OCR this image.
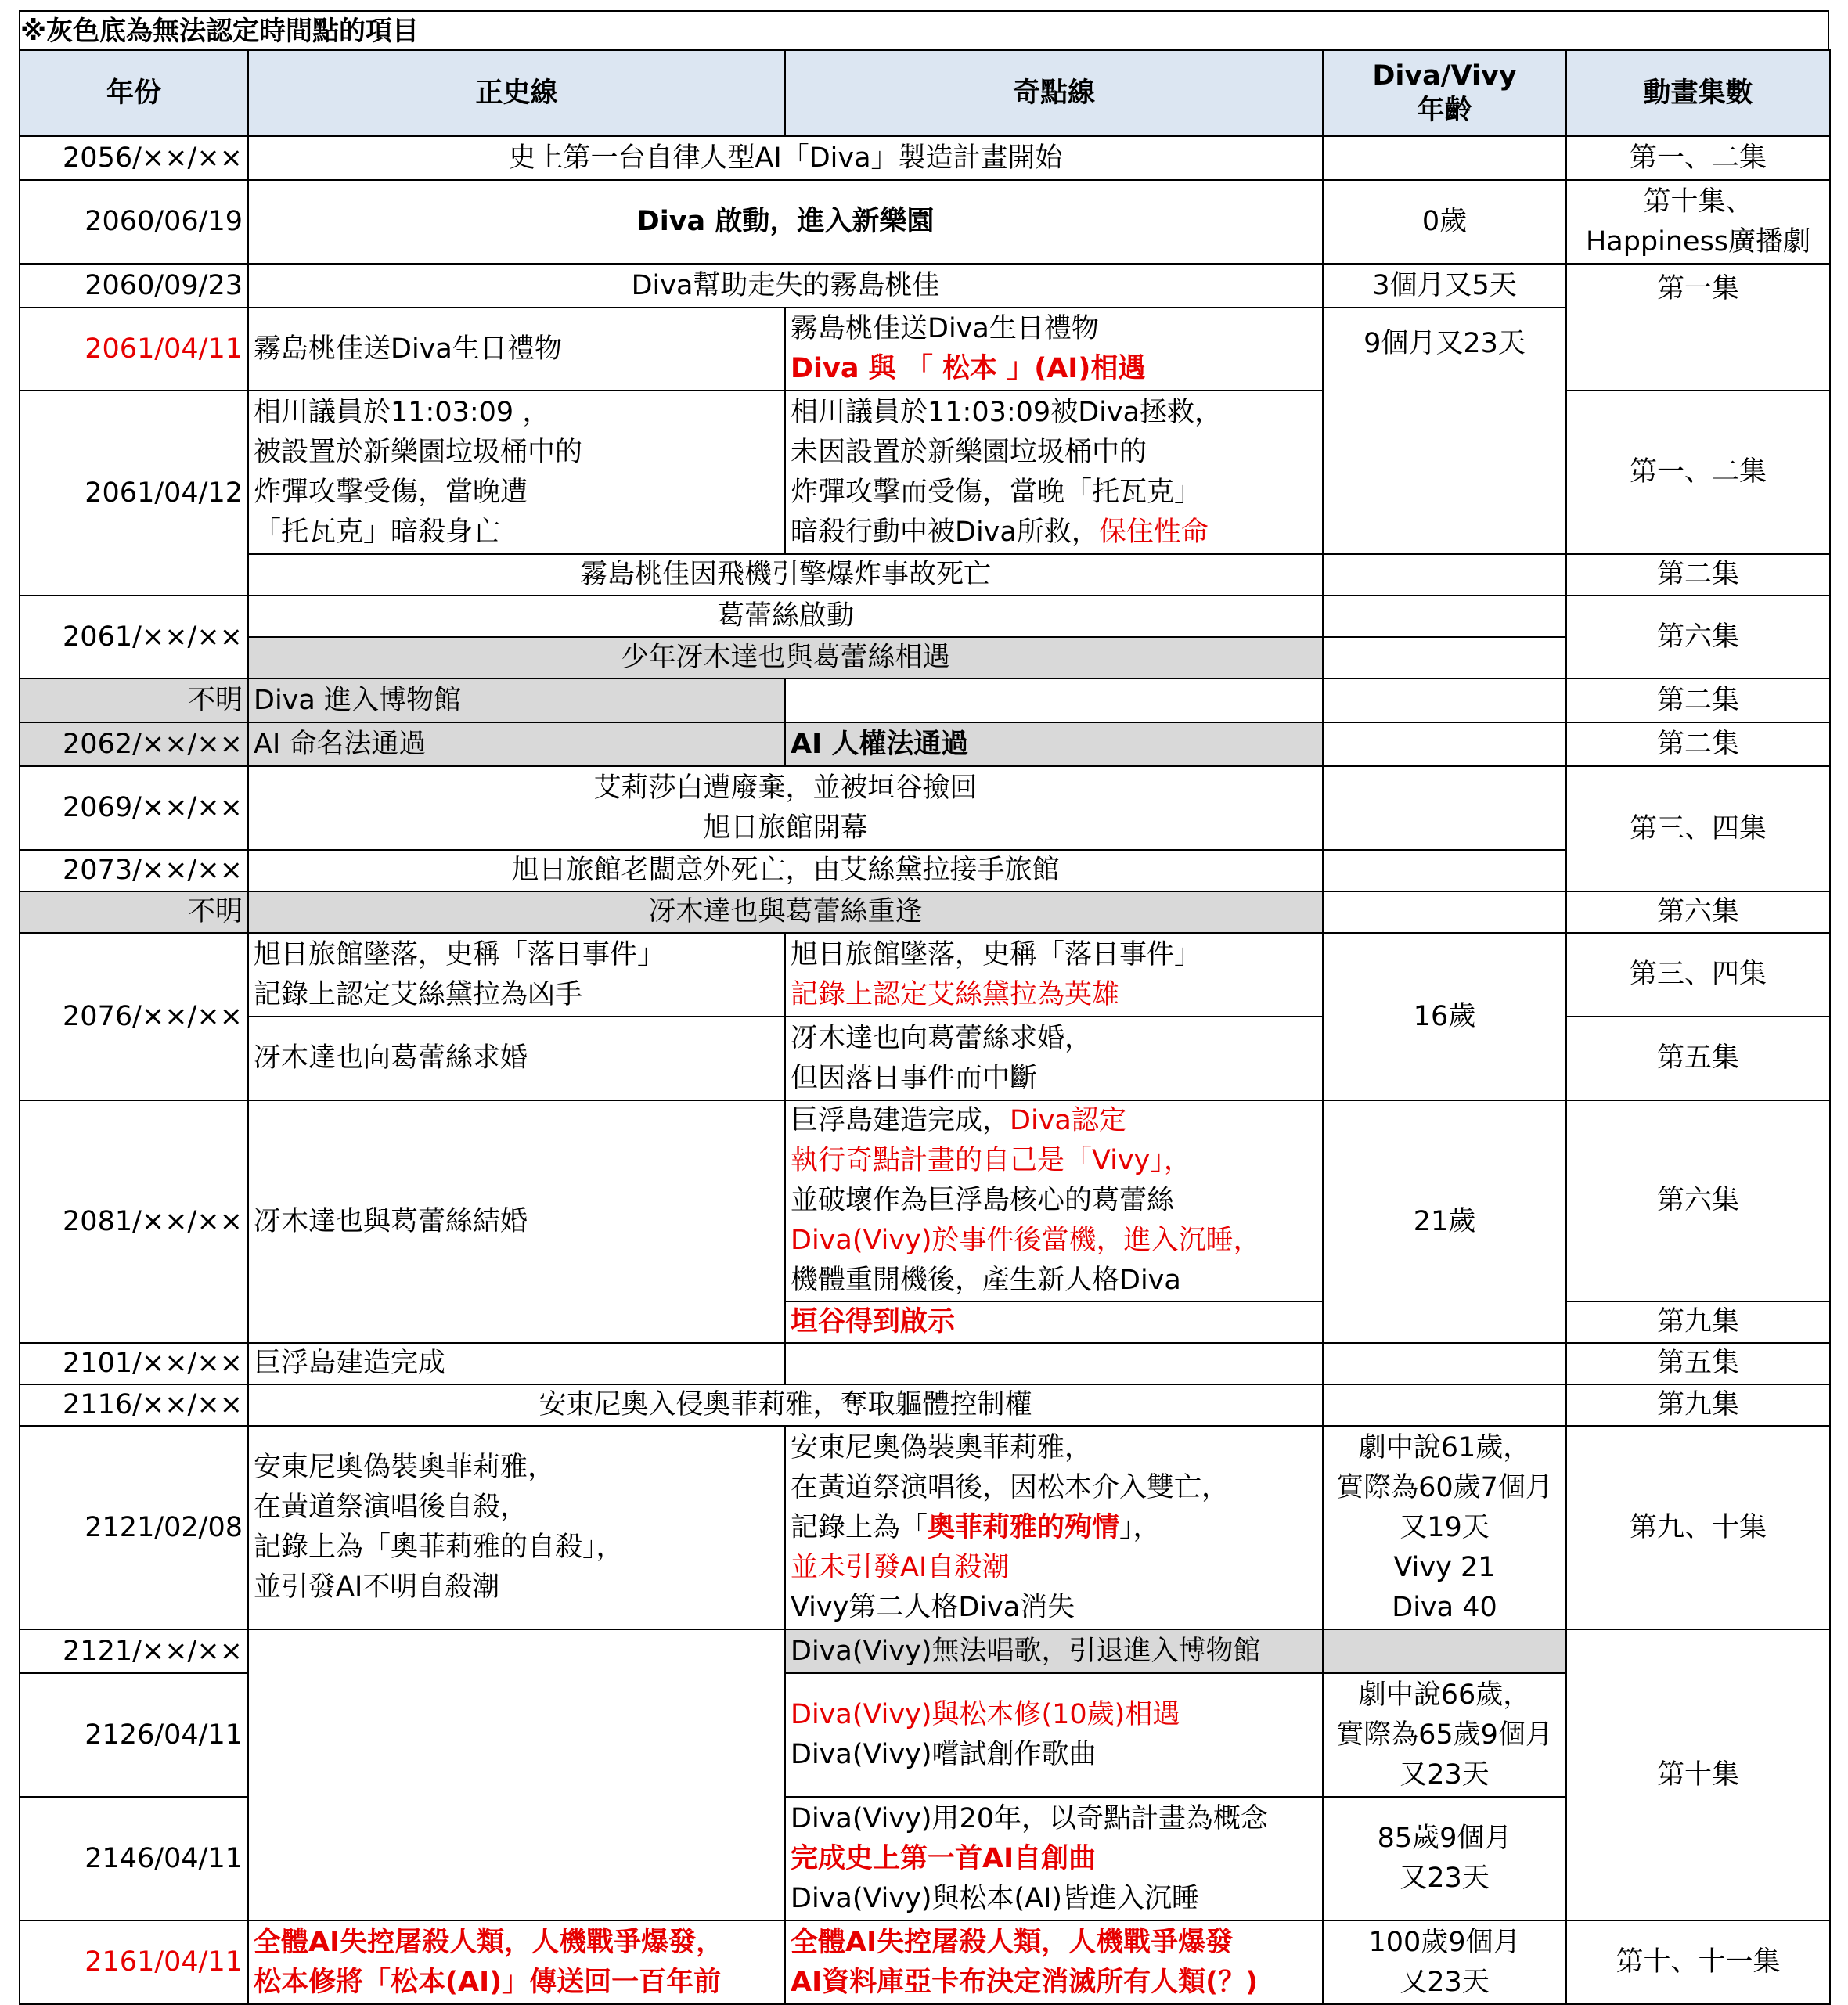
※灰色底為無法認定時間點的項目
年份	正史線	奇點線	Diva/Vivy
年齡	動畫集數
2056/××/××	史上第一台自律人型AI「Diva」製造計畫開始			第一、二集
2060/06/19	Diva 啟動，進入新樂園		0歲	第十集、
Happiness廣播劇

2060/09/23	Diva幫助走失的霧島桃佳		3個月又5天	第一集
2061/04/11	霧島桃佳送Diva生日禮物	霧島桃佳送Diva生日禮物
Diva 與 「 松本 」(AI)相遇	9個月又23天	
2061/04/12	相川議員於11:03:09 ，
被設置於新樂園垃圾桶中的
炸彈攻擊受傷，當晚遭
「托瓦克」暗殺身亡	相川議員於11:03:09被Diva拯救，
未因設置於新樂園垃圾桶中的
炸彈攻擊而受傷，當晚「托瓦克」
暗殺行動中被Diva所救，保住性命		第一、二集
	霧島桃佳因飛機引擎爆炸事故死亡			第二集
2061/××/××	葛蕾絲啟動			第六集
	少年冴木達也與葛蕾絲相遇			
不明	Diva 進入博物館			第二集
2062/××/××	AI 命名法通過	AI 人權法通過		第二集
2069/××/××	艾莉莎白遭廢棄，並被垣谷撿回
旭日旅館開幕			第三、四集
2073/××/××	旭日旅館老闆意外死亡，由艾絲黛拉接手旅館			
不明	冴木達也與葛蕾絲重逢			第六集
2076/××/××	旭日旅館墜落，史稱「落日事件」
記錄上認定艾絲黛拉為凶手	旭日旅館墜落，史稱「落日事件」
記錄上認定艾絲黛拉為英雄	16歲	第三、四集
	冴木達也向葛蕾絲求婚	冴木達也向葛蕾絲求婚，
但因落日事件而中斷		第五集
2081/××/××	冴木達也與葛蕾絲結婚	巨浮島建造完成，Diva認定
執行奇點計畫的自己是「Vivy」，
並破壞作為巨浮島核心的葛蕾絲
Diva(Vivy)於事件後當機，進入沉睡，
機體重開機後，產生新人格Diva	21歲	第六集
		垣谷得到啟示		第九集
2101/××/××	巨浮島建造完成			第五集
2116/××/××	安東尼奧入侵奧菲莉雅，奪取軀體控制權			第九集
2121/02/08	安東尼奧偽裝奧菲莉雅，
在黃道祭演唱後自殺，
記錄上為「奧菲莉雅的自殺」，
並引發AI不明自殺潮	安東尼奧偽裝奧菲莉雅，
在黃道祭演唱後，因松本介入雙亡，
記錄上為「奧菲莉雅的殉情」，
並未引發AI自殺潮
Vivy第二人格Diva消失	劇中說61歲，
實際為60歲7個月
又19天
Vivy 21
Diva 40	第九、十集
2121/××/××		Diva(Vivy)無法唱歌，引退進入博物館		第十集
2126/04/11		Diva(Vivy)與松本修(10歲)相遇
Diva(Vivy)嚐試創作歌曲	劇中說66歲，
實際為65歲9個月
又23天	

2146/04/11		Diva(Vivy)用20年，以奇點計畫為概念
完成史上第一首AI自創曲
Diva(Vivy)與松本(AI)皆進入沉睡	85歲9個月
又23天	

2161/04/11	全體AI失控屠殺人類，人機戰爭爆發，
松本修將「松本(AI)」傳送回一百年前	全體AI失控屠殺人類，人機戰爭爆發
AI資料庫亞卡布決定消滅所有人類(？)	100歲9個月
又23天	第十、十一集
